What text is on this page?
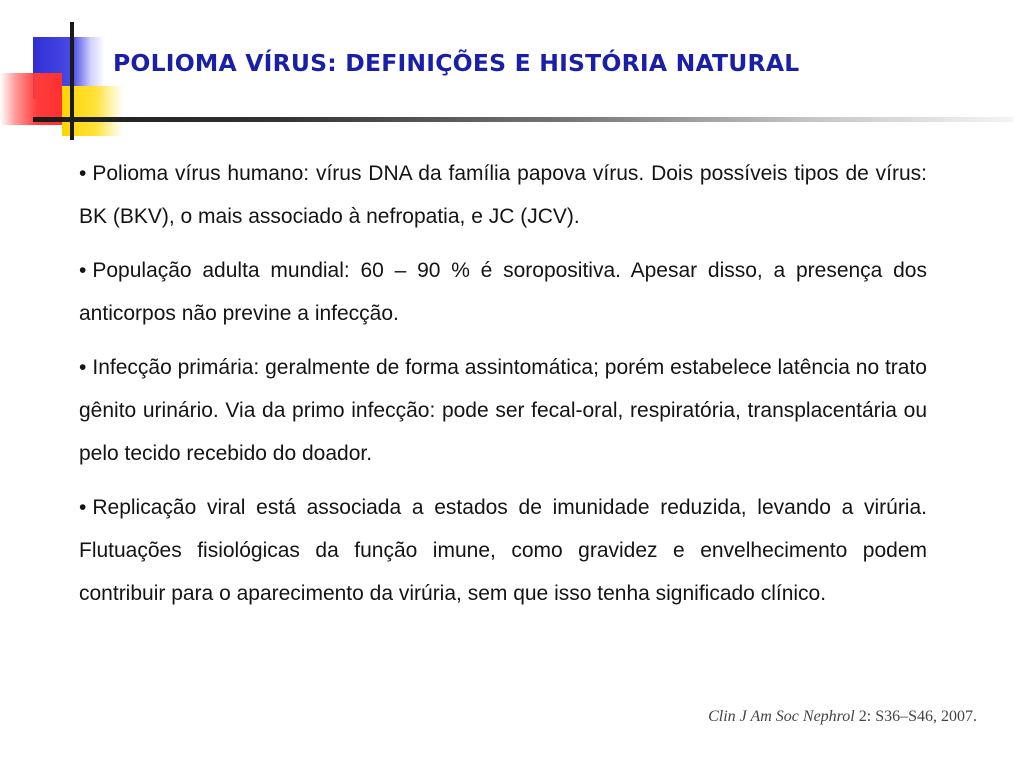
POLIOMA VÍRUS: DEFINIÇÕES E HISTÓRIA NATURAL

• Polioma vírus humano: vírus DNA da família papova vírus. Dois possíveis tipos de vírus: BK (BKV), o mais associado à nefropatia, e JC (JCV).

• População adulta mundial: 60 – 90 % é soropositiva. Apesar disso, a presença dos anticorpos não previne a infecção.

• Infecção primária: geralmente de forma assintomática; porém estabelece latência no trato gênito urinário. Via da primo infecção: pode ser fecal-oral, respiratória, transplacentária ou pelo tecido recebido do doador.

• Replicação viral está associada a estados de imunidade reduzida, levando a virúria. Flutuações fisiológicas da função imune, como gravidez e envelhecimento podem contribuir para o aparecimento da virúria, sem que isso tenha significado clínico.

Clin J Am Soc Nephrol 2: S36–S46, 2007.
